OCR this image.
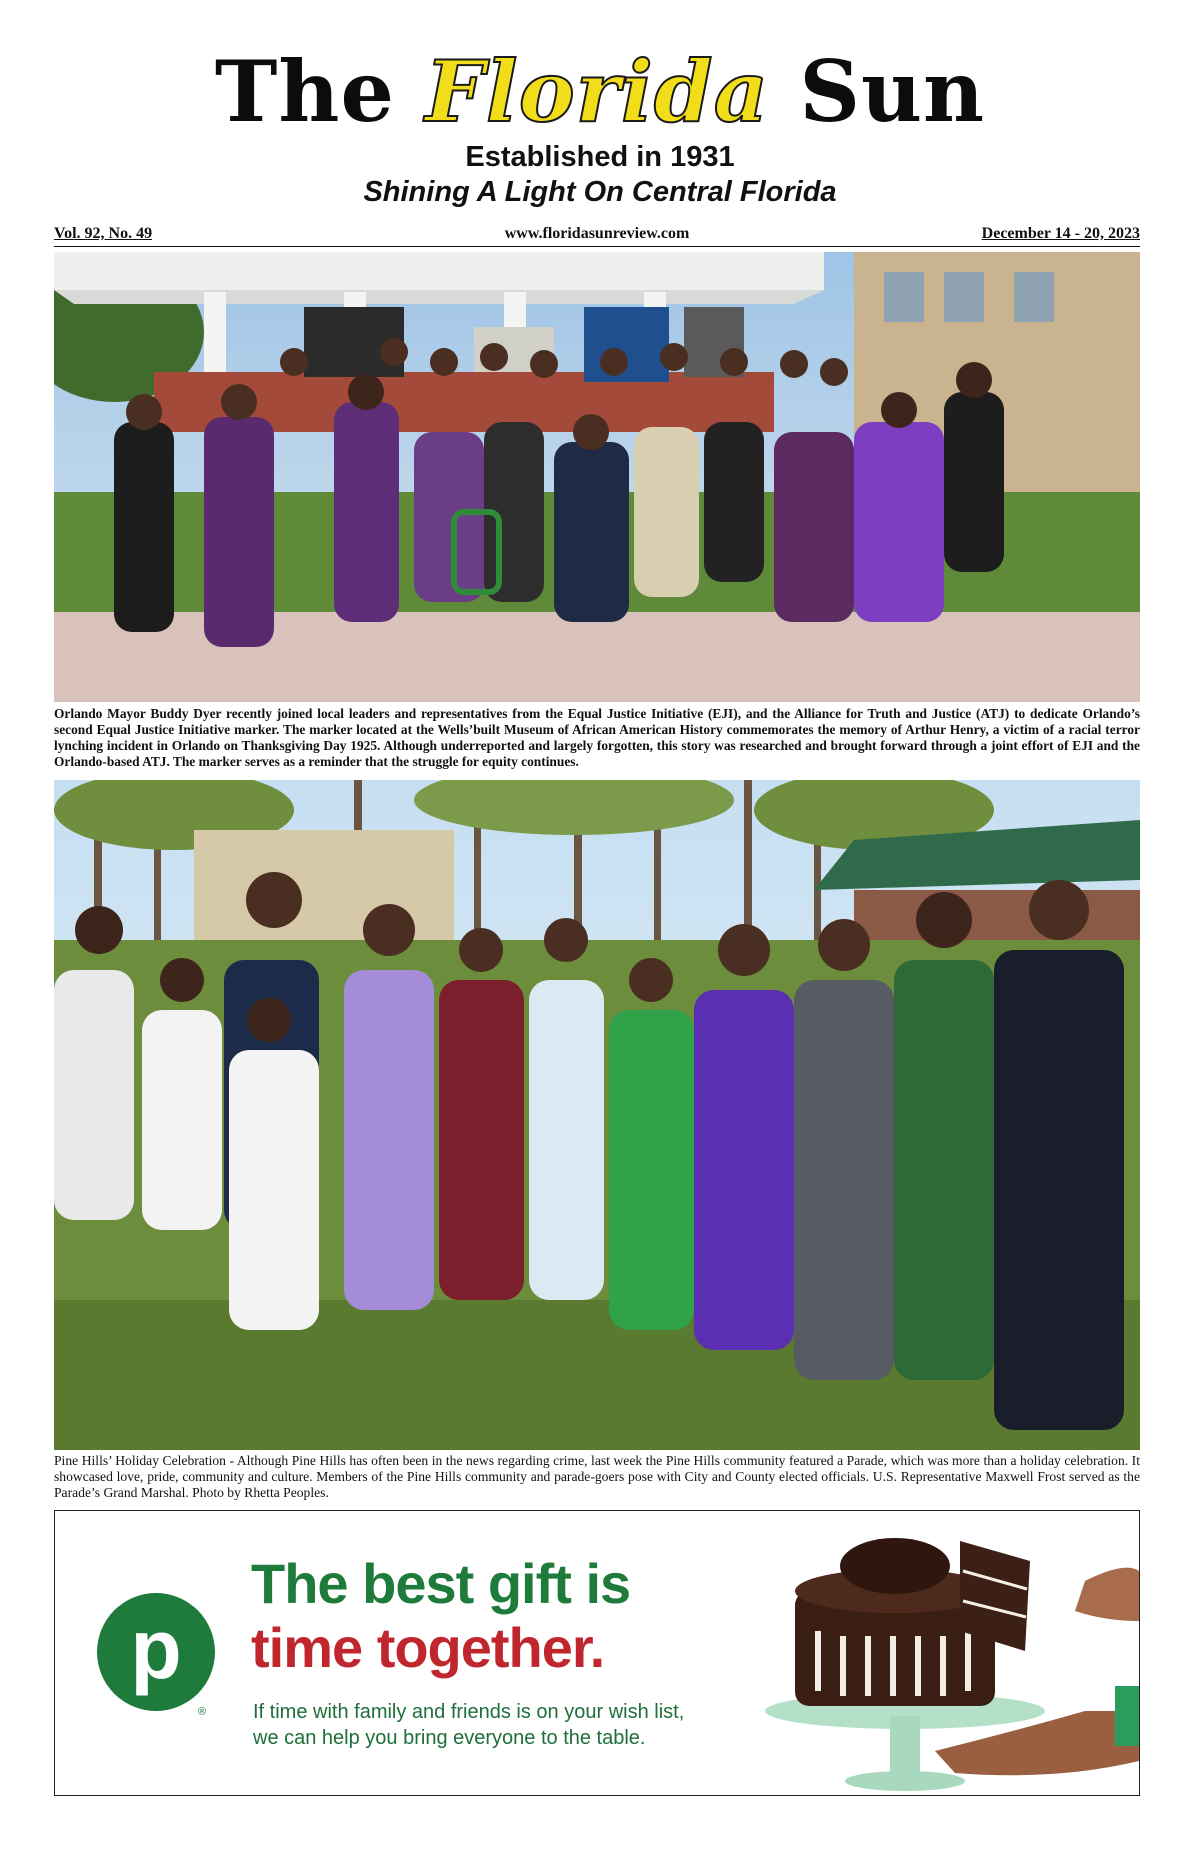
The Florida Sun
Established in 1931
Shining A Light On Central Florida
www.floridasunreview.com
Vol. 92, No. 49	December 14 - 20, 2023
Orlando Mayor Buddy Dyer recently joined local leaders and representatives from the Equal Justice Initiative (EJI), and the Alliance for Truth and Justice (ATJ) to dedicate Orlando’s second Equal Justice Initiative marker. The marker located at the Wells’built Museum of African American History commemorates the memory of Arthur Henry, a victim of a racial terror lynching incident in Orlando on Thanksgiving Day 1925. Although underreported and largely forgotten, this story was researched and brought forward through a joint effort of EJI and the Orlando-based ATJ. The marker serves as a reminder that the struggle for equity continues.
Pine Hills’ Holiday Celebration - Although Pine Hills has often been in the news regarding crime, last week the Pine Hills community featured a Parade, which was more than a holiday celebration. It showcased love, pride, community and culture. Members of the Pine Hills community and parade-goers pose with City and County elected officials. U.S. Representative Maxwell Frost served as the Parade’s Grand Marshal. Photo by Rhetta Peoples.
p
®
The best gift is
time together.
If time with family and friends is on your wish list,
we can help you bring everyone to the table.
